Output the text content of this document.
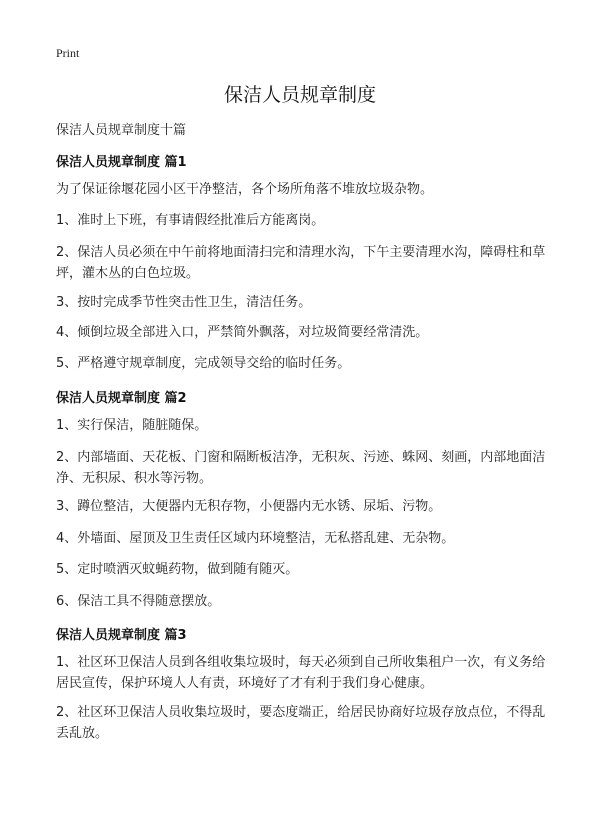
Print
保洁人员规章制度
保洁人员规章制度十篇
保洁人员规章制度 篇1
为了保证徐堰花园小区干净整洁，各个场所角落不堆放垃圾杂物。
1、准时上下班，有事请假经批准后方能离岗。
2、保洁人员必须在中午前将地面清扫完和清理水沟，下午主要清理水沟，障碍柱和草坪，灌木丛的白色垃圾。
3、按时完成季节性突击性卫生，清洁任务。
4、倾倒垃圾全部进入口，严禁简外飘落，对垃圾简要经常清洗。
5、严格遵守规章制度，完成领导交给的临时任务。
保洁人员规章制度 篇2
1、实行保洁，随脏随保。
2、内部墙面、天花板、门窗和隔断板洁净，无积灰、污迹、蛛网、刻画，内部地面洁净、无积尿、积水等污物。
3、蹲位整洁，大便器内无积存物，小便器内无水锈、尿垢、污物。
4、外墙面、屋顶及卫生责任区域内环境整洁，无私搭乱建、无杂物。
5、定时喷洒灭蚊蝇药物，做到随有随灭。
6、保洁工具不得随意摆放。
保洁人员规章制度 篇3
1、社区环卫保洁人员到各组收集垃圾时，每天必须到自己所收集租户一次，有义务给居民宣传，保护环境人人有责，环境好了才有利于我们身心健康。
2、社区环卫保洁人员收集垃圾时，要态度端正，给居民协商好垃圾存放点位，不得乱丢乱放。
